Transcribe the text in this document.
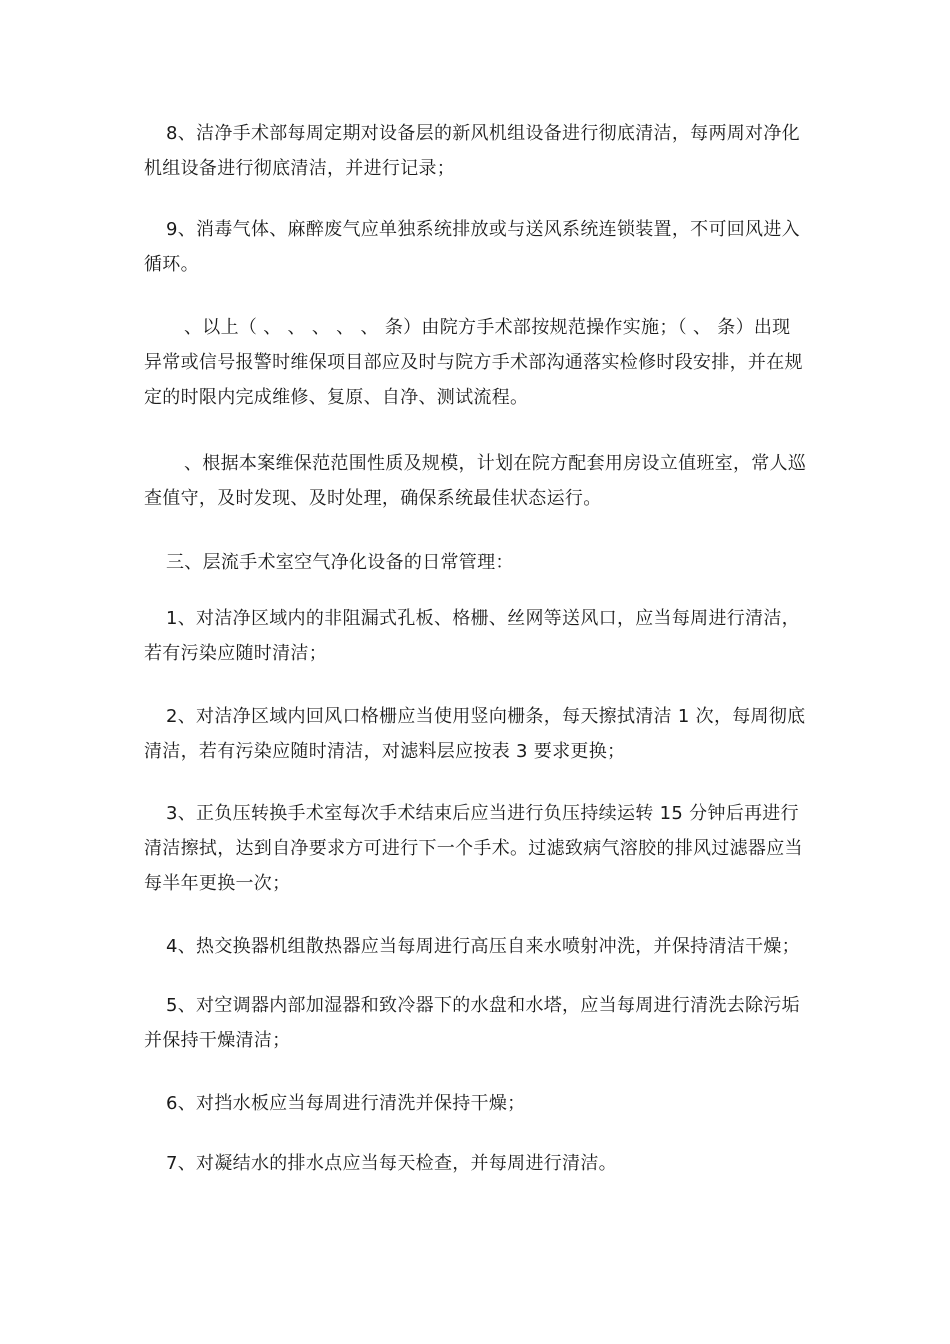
8、洁净手术部每周定期对设备层的新风机组设备进行彻底清洁，每两周对净化机组设备进行彻底清洁，并进行记录；

9、消毒气体、麻醉废气应单独系统排放或与送风系统连锁装置，不可回风进入循环。

、以上（ 、 、 、 、 、 条）由院方手术部按规范操作实施；（ 、 条）出现异常或信号报警时维保项目部应及时与院方手术部沟通落实检修时段安排，并在规定的时限内完成维修、复原、自净、测试流程。

、根据本案维保范范围性质及规模，计划在院方配套用房设立值班室，常人巡查值守，及时发现、及时处理，确保系统最佳状态运行。

三、层流手术室空气净化设备的日常管理：

1、对洁净区域内的非阻漏式孔板、格栅、丝网等送风口，应当每周进行清洁，若有污染应随时清洁；

2、对洁净区域内回风口格栅应当使用竖向栅条，每天擦拭清洁 1 次，每周彻底清洁，若有污染应随时清洁，对滤料层应按表 3 要求更换；

3、正负压转换手术室每次手术结束后应当进行负压持续运转 15 分钟后再进行清洁擦拭，达到自净要求方可进行下一个手术。过滤致病气溶胶的排风过滤器应当每半年更换一次；

4、热交换器机组散热器应当每周进行高压自来水喷射冲洗，并保持清洁干燥；

5、对空调器内部加湿器和致冷器下的水盘和水塔，应当每周进行清洗去除污垢并保持干燥清洁；

6、对挡水板应当每周进行清洗并保持干燥；

7、对凝结水的排水点应当每天检查，并每周进行清洁。
